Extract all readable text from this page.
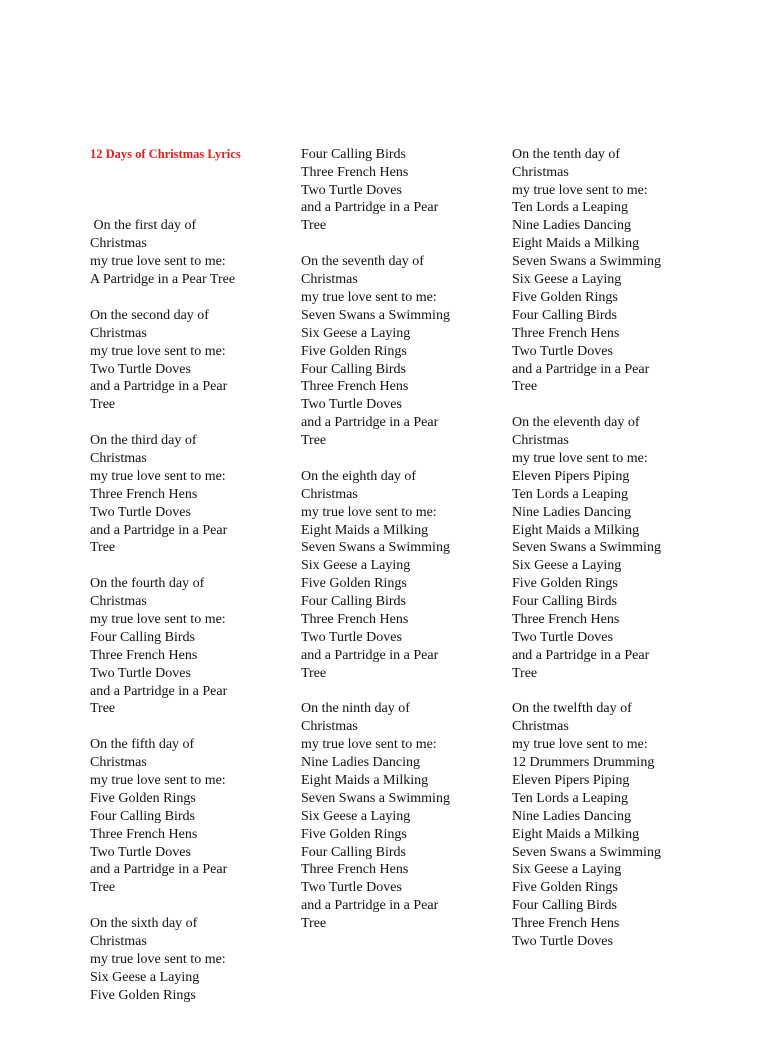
12 Days of Christmas Lyrics

On the first day of
Christmas
my true love sent to me:
A Partridge in a Pear Tree
On the second day of
Christmas
my true love sent to me:
Two Turtle Doves
and a Partridge in a Pear
Tree
On the third day of
Christmas
my true love sent to me:
Three French Hens
Two Turtle Doves
and a Partridge in a Pear
Tree
On the fourth day of
Christmas
my true love sent to me:
Four Calling Birds
Three French Hens
Two Turtle Doves
and a Partridge in a Pear
Tree
On the fifth day of
Christmas
my true love sent to me:
Five Golden Rings
Four Calling Birds
Three French Hens
Two Turtle Doves
and a Partridge in a Pear
Tree
On the sixth day of
Christmas
my true love sent to me:
Six Geese a Laying
Five Golden Rings

Four Calling Birds
Three French Hens
Two Turtle Doves
and a Partridge in a Pear
Tree
On the seventh day of
Christmas
my true love sent to me:
Seven Swans a Swimming
Six Geese a Laying
Five Golden Rings
Four Calling Birds
Three French Hens
Two Turtle Doves
and a Partridge in a Pear
Tree
On the eighth day of
Christmas
my true love sent to me:
Eight Maids a Milking
Seven Swans a Swimming
Six Geese a Laying
Five Golden Rings
Four Calling Birds
Three French Hens
Two Turtle Doves
and a Partridge in a Pear
Tree
On the ninth day of
Christmas
my true love sent to me:
Nine Ladies Dancing
Eight Maids a Milking
Seven Swans a Swimming
Six Geese a Laying
Five Golden Rings
Four Calling Birds
Three French Hens
Two Turtle Doves
and a Partridge in a Pear
Tree

On the tenth day of
Christmas
my true love sent to me:
Ten Lords a Leaping
Nine Ladies Dancing
Eight Maids a Milking
Seven Swans a Swimming
Six Geese a Laying
Five Golden Rings
Four Calling Birds
Three French Hens
Two Turtle Doves
and a Partridge in a Pear
Tree
On the eleventh day of
Christmas
my true love sent to me:
Eleven Pipers Piping
Ten Lords a Leaping
Nine Ladies Dancing
Eight Maids a Milking
Seven Swans a Swimming
Six Geese a Laying
Five Golden Rings
Four Calling Birds
Three French Hens
Two Turtle Doves
and a Partridge in a Pear
Tree
On the twelfth day of
Christmas
my true love sent to me:
12 Drummers Drumming
Eleven Pipers Piping
Ten Lords a Leaping
Nine Ladies Dancing
Eight Maids a Milking
Seven Swans a Swimming
Six Geese a Laying
Five Golden Rings
Four Calling Birds
Three French Hens
Two Turtle Doves
